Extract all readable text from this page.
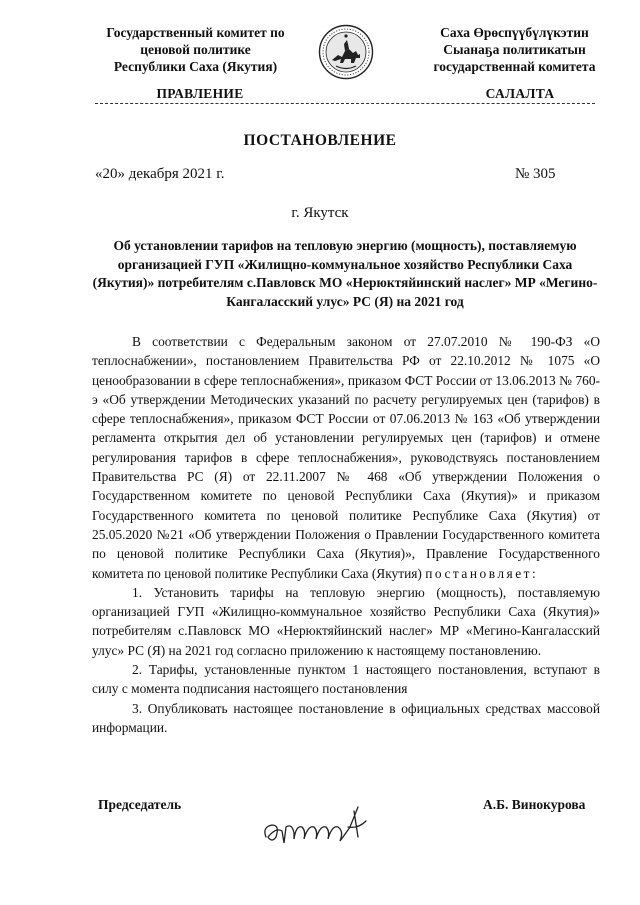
Государственный комитет по
ценовой политике
Республики Саха (Якутия)
Саха Өрөспүүбүлүкэтин
Сыанаҕа политикатын
государственнай комитета
ПРАВЛЕНИЕ	САЛАЛТА
ПОСТАНОВЛЕНИЕ
«20» декабря 2021 г.	№ 305
г. Якутск
Об установлении тарифов на тепловую энергию (мощность), поставляемую организацией ГУП «Жилищно-коммунальное хозяйство Республики Саха (Якутия)» потребителям с.Павловск МО «Нерюктяйинский наслег» МР «Мегино-Кангаласский улус» РС (Я) на 2021 год

В соответствии с Федеральным законом от 27.07.2010 № 190-ФЗ «О теплоснабжении», постановлением Правительства РФ от 22.10.2012 № 1075 «О ценообразовании в сфере теплоснабжения», приказом ФСТ России от 13.06.2013 № 760-э «Об утверждении Методических указаний по расчету регулируемых цен (тарифов) в сфере теплоснабжения», приказом ФСТ России от 07.06.2013 № 163 «Об утверждении регламента открытия дел об установлении регулируемых цен (тарифов) и отмене регулирования тарифов в сфере теплоснабжения», руководствуясь постановлением Правительства РС (Я) от 22.11.2007 № 468 «Об утверждении Положения о Государственном комитете по ценовой Республики Саха (Якутия)» и приказом Государственного комитета по ценовой политике Республике Саха (Якутия) от 25.05.2020 №21 «Об утверждении Положения о Правлении Государственного комитета по ценовой политике Республики Саха (Якутия)», Правление Государственного комитета по ценовой политике Республики Саха (Якутия) постановляет:

1. Установить тарифы на тепловую энергию (мощность), поставляемую организацией ГУП «Жилищно-коммунальное хозяйство Республики Саха (Якутия)» потребителям с.Павловск МО «Нерюктяйинский наслег» МР «Мегино-Кангаласский улус» РС (Я) на 2021 год согласно приложению к настоящему постановлению.

2. Тарифы, установленные пунктом 1 настоящего постановления, вступают в силу с момента подписания настоящего постановления

3. Опубликовать настоящее постановление в официальных средствах массовой информации.

Председатель	А.Б. Винокурова
